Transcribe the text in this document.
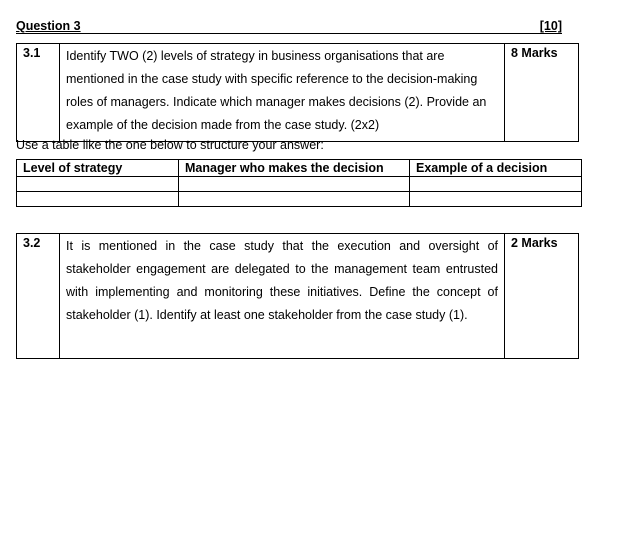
Question 3	[10]
3.1	Identify TWO (2) levels of strategy in business organisations that are mentioned in the case study with specific reference to the decision-making roles of managers. Indicate which manager makes decisions (2). Provide an example of the decision made from the case study. (2x2)	8 Marks
Use a table like the one below to structure your answer:
Level of strategy	Manager who makes the decision	Example of a decision

3.2	It is mentioned in the case study that the execution and oversight of stakeholder engagement are delegated to the management team entrusted with implementing and monitoring these initiatives. Define the concept of stakeholder (1). Identify at least one stakeholder from the case study (1).	2 Marks
